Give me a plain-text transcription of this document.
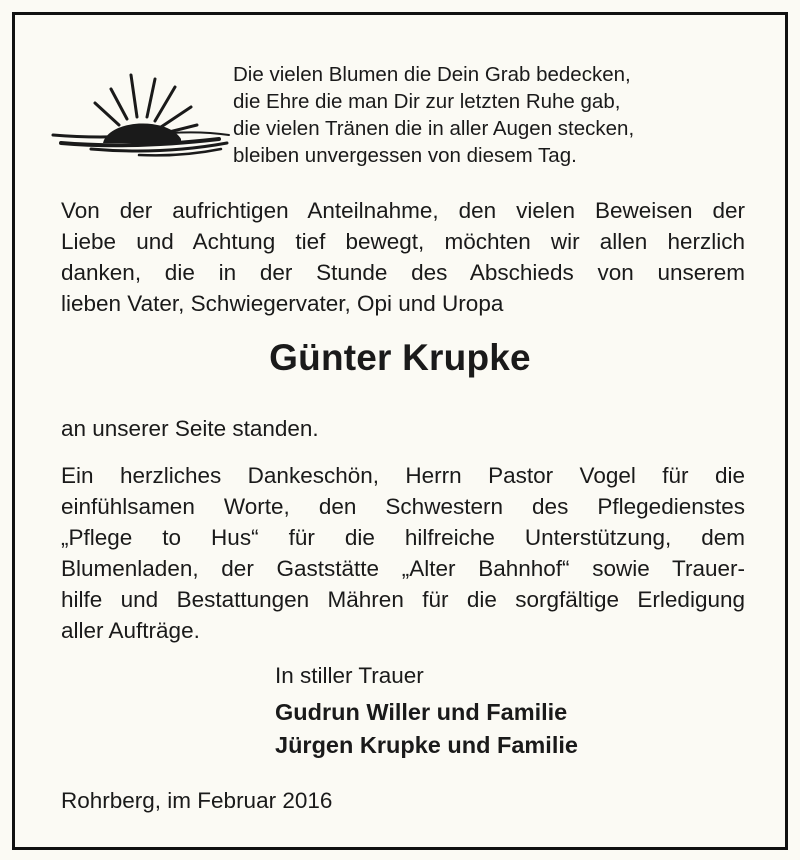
Die vielen Blumen die Dein Grab bedecken,
die Ehre die man Dir zur letzten Ruhe gab,
die vielen Tränen die in aller Augen stecken,
bleiben unvergessen von diesem Tag.
Von der aufrichtigen Anteilnahme, den vielen Beweisen der
Liebe und Achtung tief bewegt, möchten wir allen herzlich
danken, die in der Stunde des Abschieds von unserem
lieben Vater, Schwiegervater, Opi und Uropa
Günter Krupke
an unserer Seite standen.
Ein herzliches Dankeschön, Herrn Pastor Vogel für die
einfühlsamen Worte, den Schwestern des Pflegedienstes
„Pflege to Hus“ für die hilfreiche Unterstützung, dem
Blumenladen, der Gaststätte „Alter Bahnhof“ sowie Trauer-
hilfe und Bestattungen Mähren für die sorgfältige Erledigung
aller Aufträge.
In stiller Trauer
Gudrun Willer und Familie
Jürgen Krupke und Familie
Rohrberg, im Februar 2016
